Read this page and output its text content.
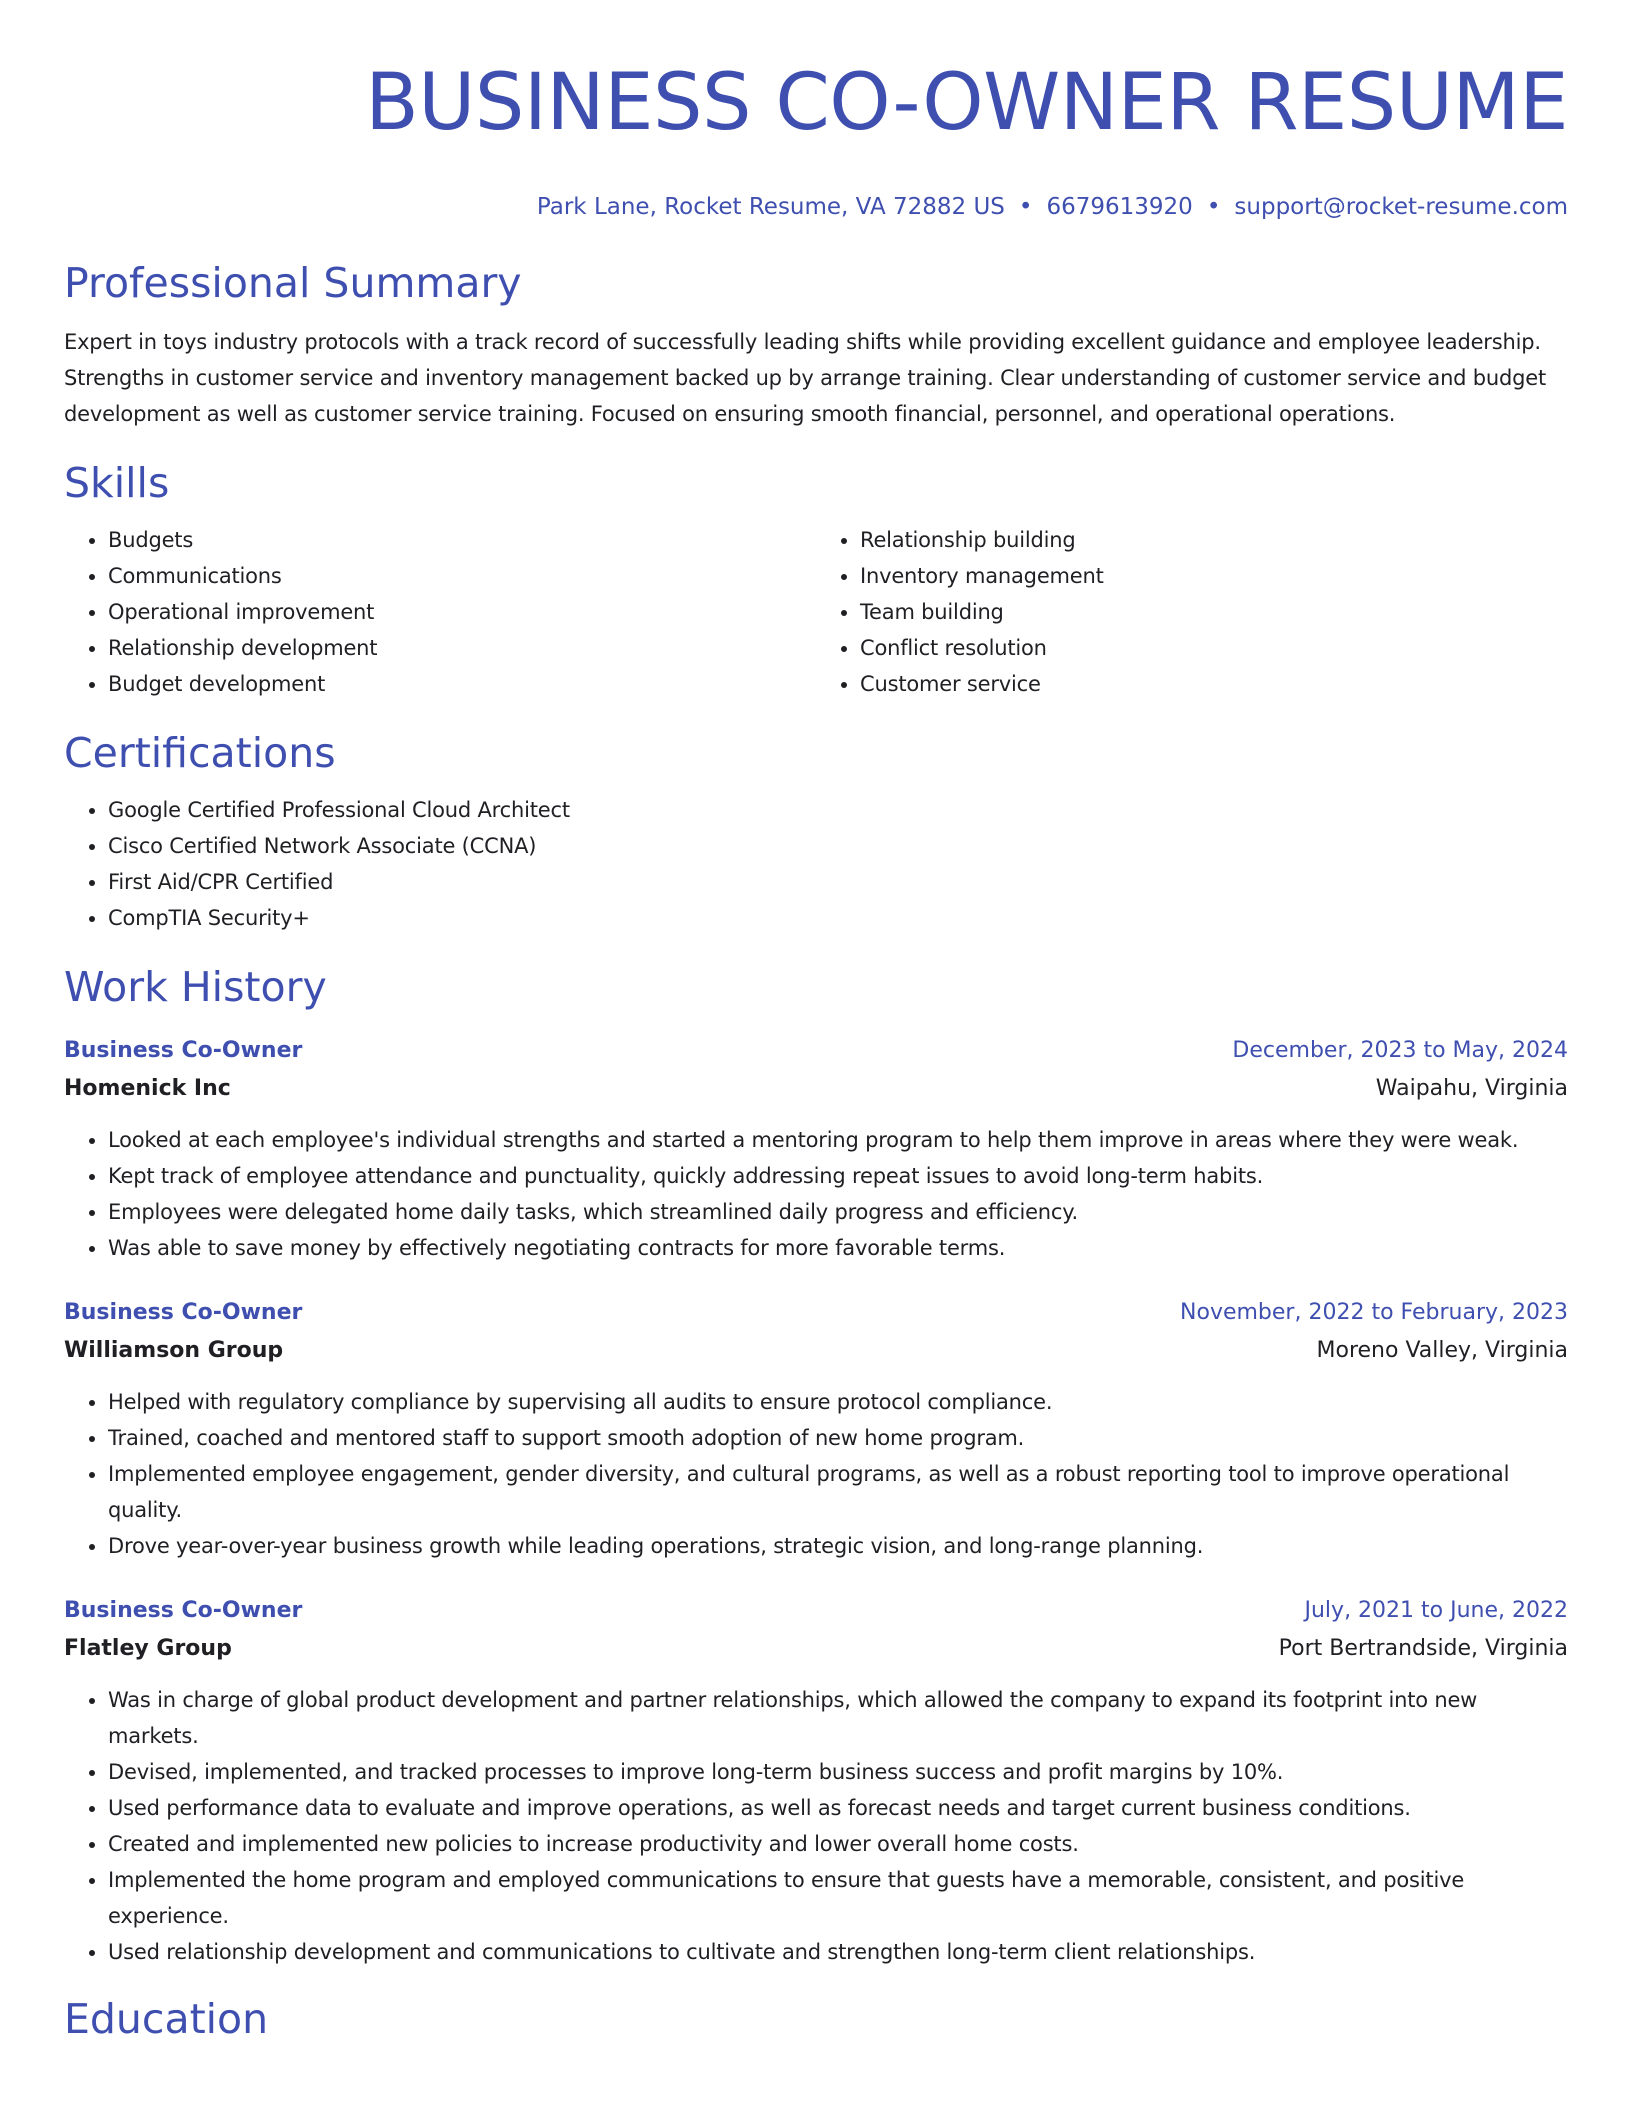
BUSINESS CO-OWNER RESUME
Park Lane, Rocket Resume, VA 72882 US • 6679613920 • support@rocket-resume.com
Professional Summary

Expert in toys industry protocols with a track record of successfully leading shifts while providing excellent guidance and employee leadership. Strengths in customer service and inventory management backed up by arrange training. Clear understanding of customer service and budget development as well as customer service training. Focused on ensuring smooth financial, personnel, and operational operations.

Skills
• Budgets
• Communications
• Operational improvement
• Relationship development
• Budget development
• Relationship building
• Inventory management
• Team building
• Conflict resolution
• Customer service
Certifications
• Google Certified Professional Cloud Architect
• Cisco Certified Network Associate (CCNA)
• First Aid/CPR Certified
• CompTIA Security+
Work History
Business Co-Owner	December, 2023 to May, 2024
Homenick Inc	Waipahu, Virginia
• Looked at each employee's individual strengths and started a mentoring program to help them improve in areas where they were weak.
• Kept track of employee attendance and punctuality, quickly addressing repeat issues to avoid long-term habits.
• Employees were delegated home daily tasks, which streamlined daily progress and efficiency.
• Was able to save money by effectively negotiating contracts for more favorable terms.
Business Co-Owner	November, 2022 to February, 2023
Williamson Group	Moreno Valley, Virginia
• Helped with regulatory compliance by supervising all audits to ensure protocol compliance.
• Trained, coached and mentored staff to support smooth adoption of new home program.
• Implemented employee engagement, gender diversity, and cultural programs, as well as a robust reporting tool to improve operational quality.
• Drove year-over-year business growth while leading operations, strategic vision, and long-range planning.
Business Co-Owner	July, 2021 to June, 2022
Flatley Group	Port Bertrandside, Virginia
• Was in charge of global product development and partner relationships, which allowed the company to expand its footprint into new markets.
• Devised, implemented, and tracked processes to improve long-term business success and profit margins by 10%.
• Used performance data to evaluate and improve operations, as well as forecast needs and target current business conditions.
• Created and implemented new policies to increase productivity and lower overall home costs.
• Implemented the home program and employed communications to ensure that guests have a memorable, consistent, and positive experience.
• Used relationship development and communications to cultivate and strengthen long-term client relationships.
Education
